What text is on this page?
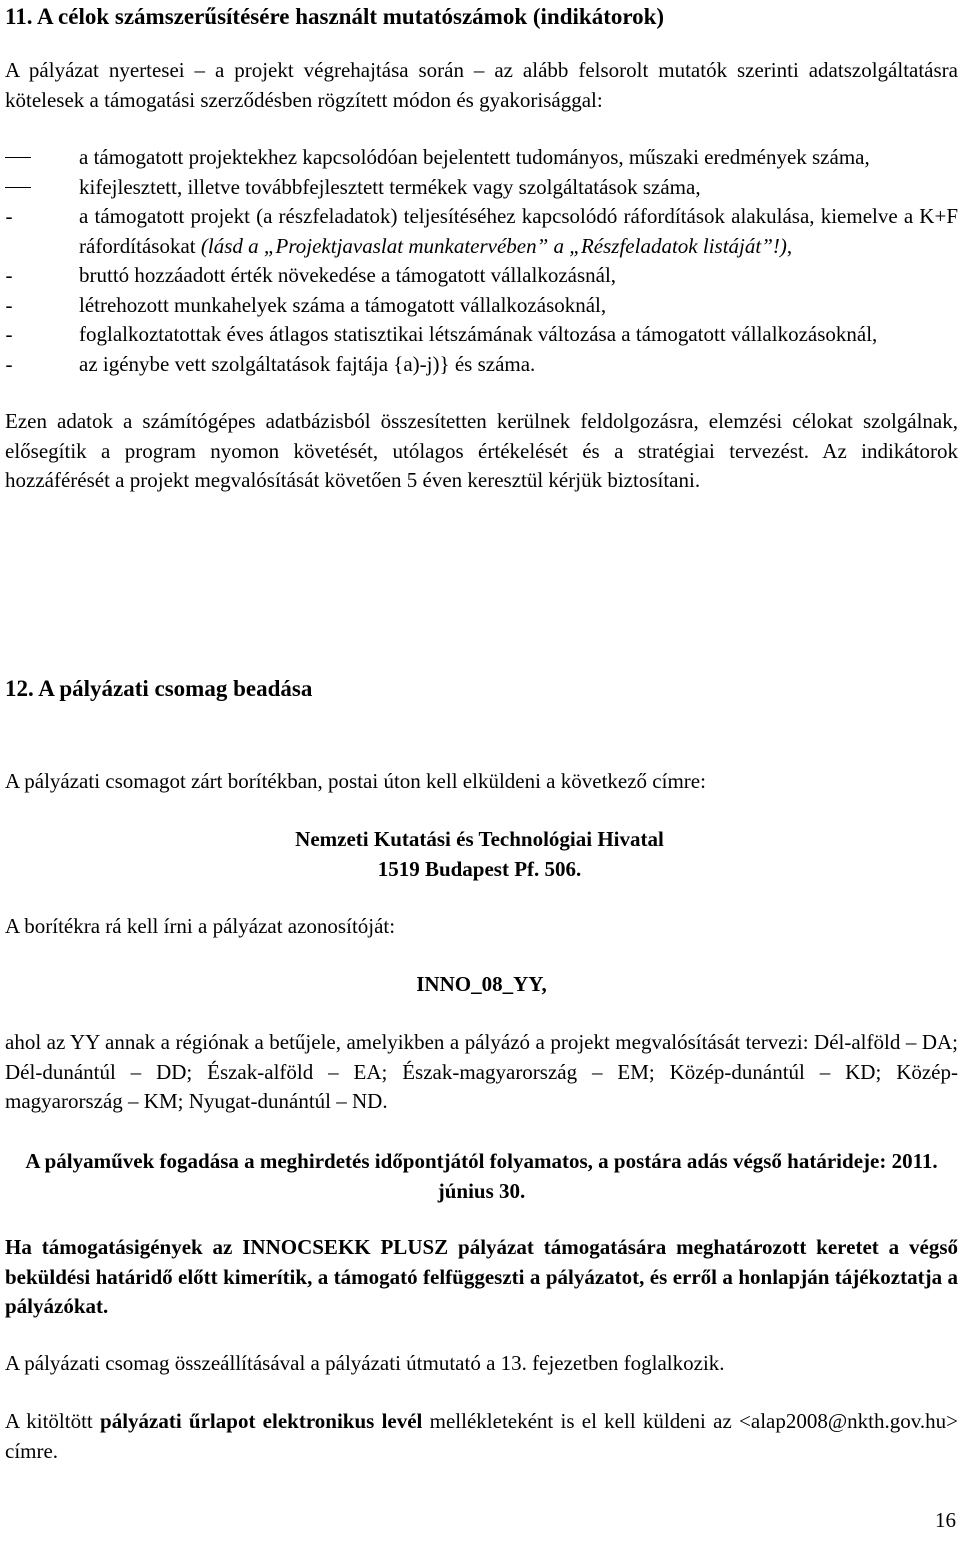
11. A célok számszerűsítésére használt mutatószámok (indikátorok)

A pályázat nyertesei – a projekt végrehajtása során – az alább felsorolt mutatók szerinti adatszolgáltatásra kötelesek a támogatási szerződésben rögzített módon és gyakorisággal:

a támogatott projektekhez kapcsolódóan bejelentett tudományos, műszaki eredmények száma,
kifejlesztett, illetve továbbfejlesztett termékek vagy szolgáltatások száma,
-	a támogatott projekt (a részfeladatok) teljesítéséhez kapcsolódó ráfordítások alakulása, kiemelve a K+F ráfordításokat (lásd a „Projektjavaslat munkatervében” a „Részfeladatok listáját”!),
-	bruttó hozzáadott érték növekedése a támogatott vállalkozásnál,
-	létrehozott munkahelyek száma a támogatott vállalkozásoknál,
-	foglalkoztatottak éves átlagos statisztikai létszámának változása a támogatott vállalkozásoknál,
-	az igénybe vett szolgáltatások fajtája {a)-j)} és száma.

Ezen adatok a számítógépes adatbázisból összesítetten kerülnek feldolgozásra, elemzési célokat szolgálnak, elősegítik a program nyomon követését, utólagos értékelését és a stratégiai tervezést. Az indikátorok hozzáférését a projekt megvalósítását követően 5 éven keresztül kérjük biztosítani.

12. A pályázati csomag beadása

A pályázati csomagot zárt borítékban, postai úton kell elküldeni a következő címre:

Nemzeti Kutatási és Technológiai Hivatal
1519 Budapest Pf. 506.

A borítékra rá kell írni a pályázat azonosítóját:

INNO_08_YY,

ahol az YY annak a régiónak a betűjele, amelyikben a pályázó a projekt megvalósítását tervezi: Dél-alföld – DA; Dél-dunántúl – DD; Észak-alföld – EA; Észak-magyarország – EM; Közép-dunántúl – KD; Közép-magyarország – KM; Nyugat-dunántúl – ND.

A pályaművek fogadása a meghirdetés időpontjától folyamatos, a postára adás végső határideje: 2011. június 30.

Ha támogatásigények az INNOCSEKK PLUSZ pályázat támogatására meghatározott keretet a végső beküldési határidő előtt kimerítik, a támogató felfüggeszti a pályázatot, és erről a honlapján tájékoztatja a pályázókat.

A pályázati csomag összeállításával a pályázati útmutató a 13. fejezetben foglalkozik.

A kitöltött pályázati űrlapot elektronikus levél mellékleteként is el kell küldeni az <alap2008@nkth.gov.hu> címre.

16
